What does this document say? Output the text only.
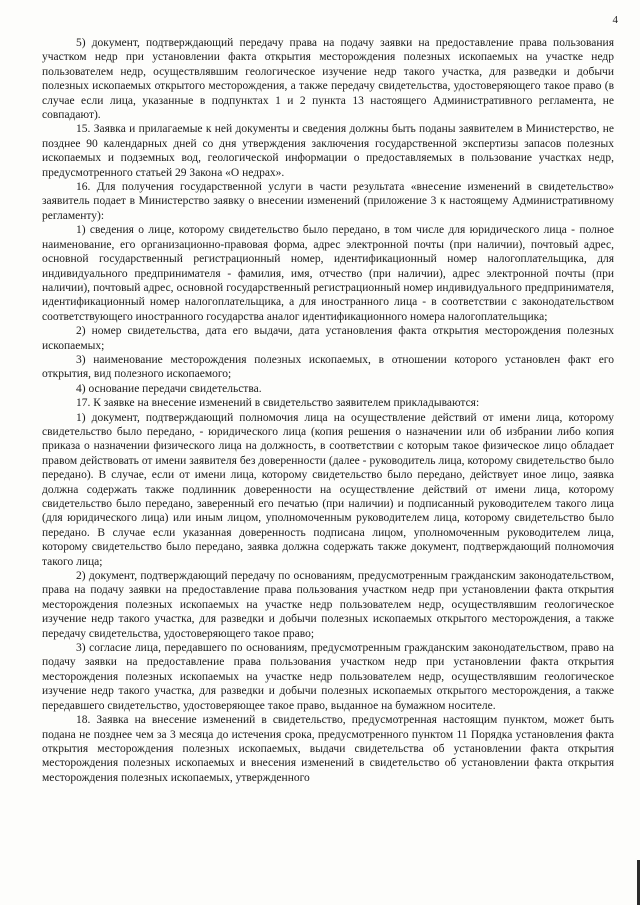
4

5) документ, подтверждающий передачу права на подачу заявки на предоставление права пользования участком недр при установлении факта открытия месторождения полезных ископаемых на участке недр пользователем недр, осуществлявшим геологическое изучение недр такого участка, для разведки и добычи полезных ископаемых открытого месторождения, а также передачу свидетельства, удостоверяющего такое право (в случае если лица, указанные в подпунктах 1 и 2 пункта 13 настоящего Административного регламента, не совпадают).

15. Заявка и прилагаемые к ней документы и сведения должны быть поданы заявителем в Министерство, не позднее 90 календарных дней со дня утверждения заключения государственной экспертизы запасов полезных ископаемых и подземных вод, геологической информации о предоставляемых в пользование участках недр, предусмотренного статьей 29 Закона «О недрах».

16. Для получения государственной услуги в части результата «внесение изменений в свидетельство» заявитель подает в Министерство заявку о внесении изменений (приложение 3 к настоящему Административному регламенту):

1) сведения о лице, которому свидетельство было передано, в том числе для юридического лица - полное наименование, его организационно-правовая форма, адрес электронной почты (при наличии), почтовый адрес, основной государственный регистрационный номер, идентификационный номер налогоплательщика, для индивидуального предпринимателя - фамилия, имя, отчество (при наличии), адрес электронной почты (при наличии), почтовый адрес, основной государственный регистрационный номер индивидуального предпринимателя, идентификационный номер налогоплательщика, а для иностранного лица - в соответствии с законодательством соответствующего иностранного государства аналог идентификационного номера налогоплательщика;

2) номер свидетельства, дата его выдачи, дата установления факта открытия месторождения полезных ископаемых;

3) наименование месторождения полезных ископаемых, в отношении которого установлен факт его открытия, вид полезного ископаемого;

4) основание передачи свидетельства.

17. К заявке на внесение изменений в свидетельство заявителем прикладываются:

1) документ, подтверждающий полномочия лица на осуществление действий от имени лица, которому свидетельство было передано, - юридического лица (копия решения о назначении или об избрании либо копия приказа о назначении физического лица на должность, в соответствии с которым такое физическое лицо обладает правом действовать от имени заявителя без доверенности (далее - руководитель лица, которому свидетельство было передано). В случае, если от имени лица, которому свидетельство было передано, действует иное лицо, заявка должна содержать также подлинник доверенности на осуществление действий от имени лица, которому свидетельство было передано, заверенный его печатью (при наличии) и подписанный руководителем такого лица (для юридического лица) или иным лицом, уполномоченным руководителем лица, которому свидетельство было передано. В случае если указанная доверенность подписана лицом, уполномоченным руководителем лица, которому свидетельство было передано, заявка должна содержать также документ, подтверждающий полномочия такого лица;

2) документ, подтверждающий передачу по основаниям, предусмотренным гражданским законодательством, права на подачу заявки на предоставление права пользования участком недр при установлении факта открытия месторождения полезных ископаемых на участке недр пользователем недр, осуществлявшим геологическое изучение недр такого участка, для разведки и добычи полезных ископаемых открытого месторождения, а также передачу свидетельства, удостоверяющего такое право;

3) согласие лица, передавшего по основаниям, предусмотренным гражданским законодательством, право на подачу заявки на предоставление права пользования участком недр при установлении факта открытия месторождения полезных ископаемых на участке недр пользователем недр, осуществлявшим геологическое изучение недр такого участка, для разведки и добычи полезных ископаемых открытого месторождения, а также передавшего свидетельство, удостоверяющее такое право, выданное на бумажном носителе.

18. Заявка на внесение изменений в свидетельство, предусмотренная настоящим пунктом, может быть подана не позднее чем за 3 месяца до истечения срока, предусмотренного пунктом 11 Порядка установления факта открытия месторождения полезных ископаемых, выдачи свидетельства об установлении факта открытия месторождения полезных ископаемых и внесения изменений в свидетельство об установлении факта открытия месторождения полезных ископаемых, утвержденного
